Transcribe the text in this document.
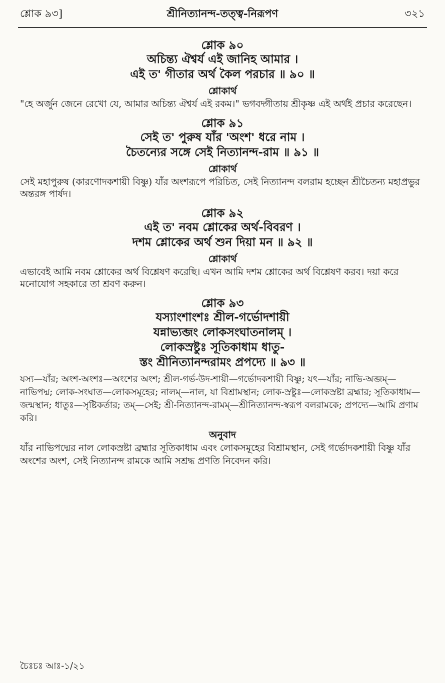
শ্লোক ৯৩]	শ্রীনিত্যানন্দ-তত্ত্ব-নিরূপণ	৩২১
শ্লোক ৯০
অচিন্ত্য ঐশ্বর্য এই জানিহ আমার ।
এই ত' গীতার অর্থ কৈল পরচার ॥ ৯০ ॥
শ্লোকার্থ
"হে অর্জুন জেনে রেখো যে, আমার অচিন্ত্য ঐশ্বর্য এই রকম।" ভগবদ্গীতায় শ্রীকৃষ্ণ এই অর্থই প্রচার করেছেন।
শ্লোক ৯১
সেই ত' পুরুষ যাঁর 'অংশ' ধরে নাম ।
চৈতন্যের সঙ্গে সেই নিত্যানন্দ-রাম ॥ ৯১ ॥
শ্লোকার্থ
সেই মহাপুরুষ (কারণোদকশায়ী বিষ্ণু) যাঁর অংশরূপে পরিচিত, সেই নিত্যানন্দ বলরাম হচ্ছেন শ্রীচৈতন্য মহাপ্রভুর অন্তরঙ্গ পার্ষদ।
শ্লোক ৯২
এই ত' নবম শ্লোকের অর্থ-বিবরণ ।
দশম শ্লোকের অর্থ শুন দিয়া মন ॥ ৯২ ॥
শ্লোকার্থ
এভাবেই আমি নবম শ্লোকের অর্থ বিশ্লেষণ করেছি। এখন আমি দশম শ্লোকের অর্থ বিশ্লেষণ করব। দয়া করে মনোযোগ সহকারে তা শ্রবণ করুন।
শ্লোক ৯৩
যস্যাংশাংশঃ শ্রীল-গর্ভোদশায়ী
যন্নাভ্যব্জং লোকসংঘাতনালম্ ।
লোকস্রষ্টুঃ সূতিকাধাম ধাতু-
স্তং শ্রীনিত্যানন্দরামং প্রপদ্যে ॥ ৯৩ ॥
যস্য—যাঁর; অংশ-অংশঃ—অংশের অংশ; শ্রীল-গর্ভ-উদ-শায়ী—গর্ভোদকশায়ী বিষ্ণু; যৎ—যাঁর; নাভি-অব্জম্—নাভিপদ্ম; লোক-সংঘাত—লোকসমূহের; নালম্—নাল, যা বিশ্রামস্থান; লোক-স্রষ্টুঃ—লোকস্রষ্টা ব্রহ্মার; সূতিকাধাম—জন্মস্থান; ধাতুঃ—সৃষ্টিকর্তার; তম্—সেই; শ্রী-নিত্যানন্দ-রামম্—শ্রীনিত্যানন্দ-স্বরূপ বলরামকে; প্রপদ্যে—আমি প্রণাম করি।
অনুবাদ
যাঁর নাভিপদ্মের নাল লোকস্রষ্টা ব্রহ্মার সূতিকাধাম এবং লোকসমূহের বিশ্রামস্থান, সেই গর্ভোদকশায়ী বিষ্ণু যাঁর অংশের অংশ, সেই নিত্যানন্দ রামকে আমি সশ্রদ্ধ প্রণতি নিবেদন করি।
চৈঃচঃ আঃ-১/২১
